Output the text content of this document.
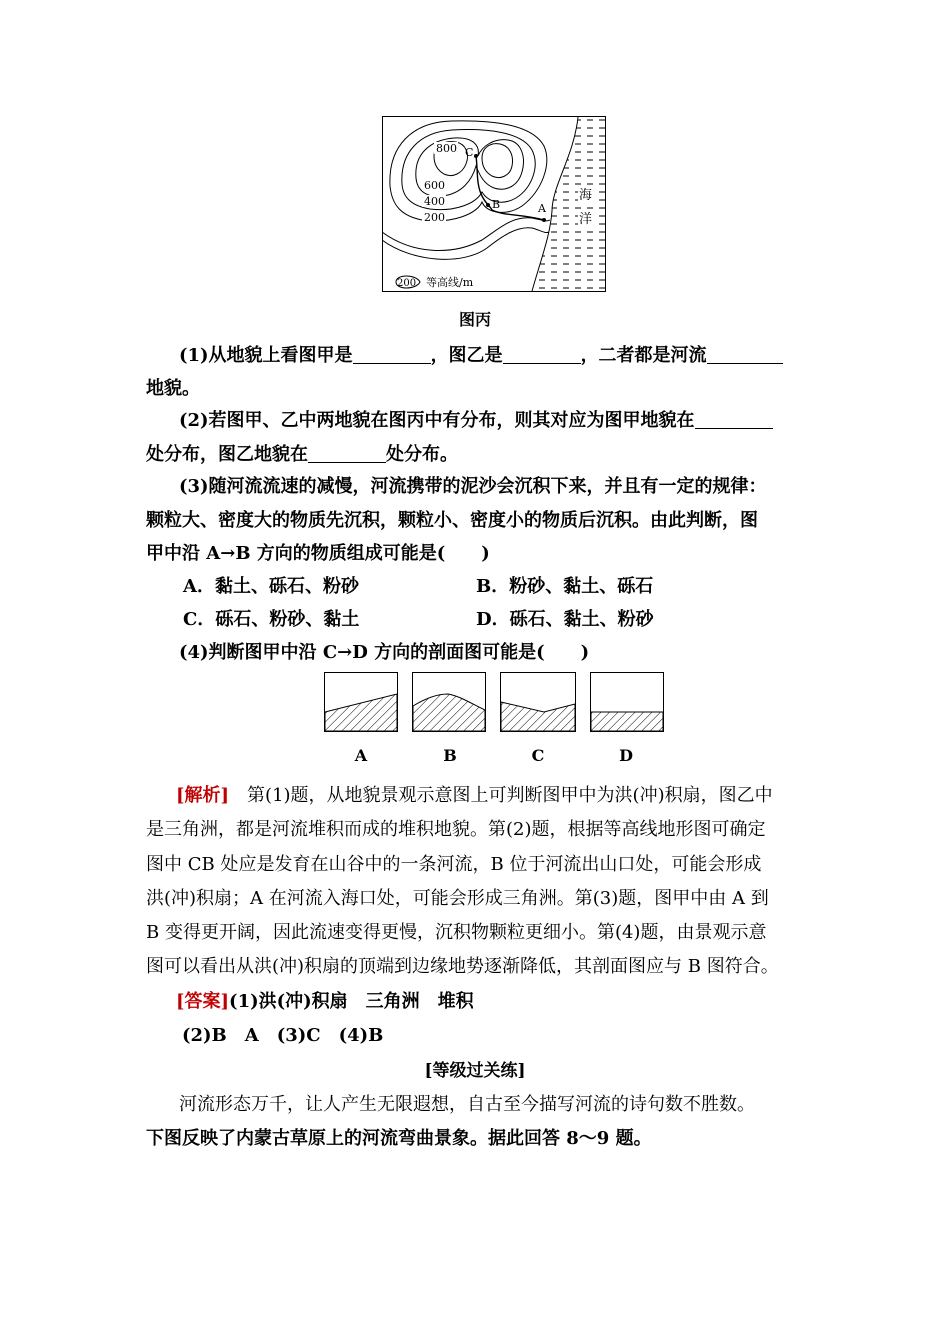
C
B	A
800
600
400
200
海
洋
200 等高线/m
图丙
(1)从地貌上看图甲是	，图乙是	，二者都是河流
地貌。
(2)若图甲、乙中两地貌在图丙中有分布，则其对应为图甲地貌在
处分布，图乙地貌在	处分布。
(3)随河流流速的减慢，河流携带的泥沙会沉积下来，并且有一定的规律：
颗粒大、密度大的物质先沉积，颗粒小、密度小的物质后沉积。由此判断，图
甲中沿 A→B 方向的物质组成可能是(　　)
A．黏土、砾石、粉砂	B．粉砂、黏土、砾石
C．砾石、粉砂、黏土	D．砾石、黏土、粉砂
(4)判断图甲中沿 C→D 方向的剖面图可能是(　　)
A	B	C	D
[解析]　第(1)题，从地貌景观示意图上可判断图甲中为洪(冲)积扇，图乙中
是三角洲，都是河流堆积而成的堆积地貌。第(2)题，根据等高线地形图可确定
图中 CB 处应是发育在山谷中的一条河流，B 位于河流出山口处，可能会形成
洪(冲)积扇；A 在河流入海口处，可能会形成三角洲。第(3)题，图甲中由 A 到
B 变得更开阔，因此流速变得更慢，沉积物颗粒更细小。第(4)题，由景观示意
图可以看出从洪(冲)积扇的顶端到边缘地势逐渐降低，其剖面图应与 B 图符合。
[答案](1)洪(冲)积扇　三角洲　堆积
(2)B　A　(3)C　(4)B
[等级过关练]
河流形态万千，让人产生无限遐想，自古至今描写河流的诗句数不胜数。
下图反映了内蒙古草原上的河流弯曲景象。据此回答 8～9 题。
